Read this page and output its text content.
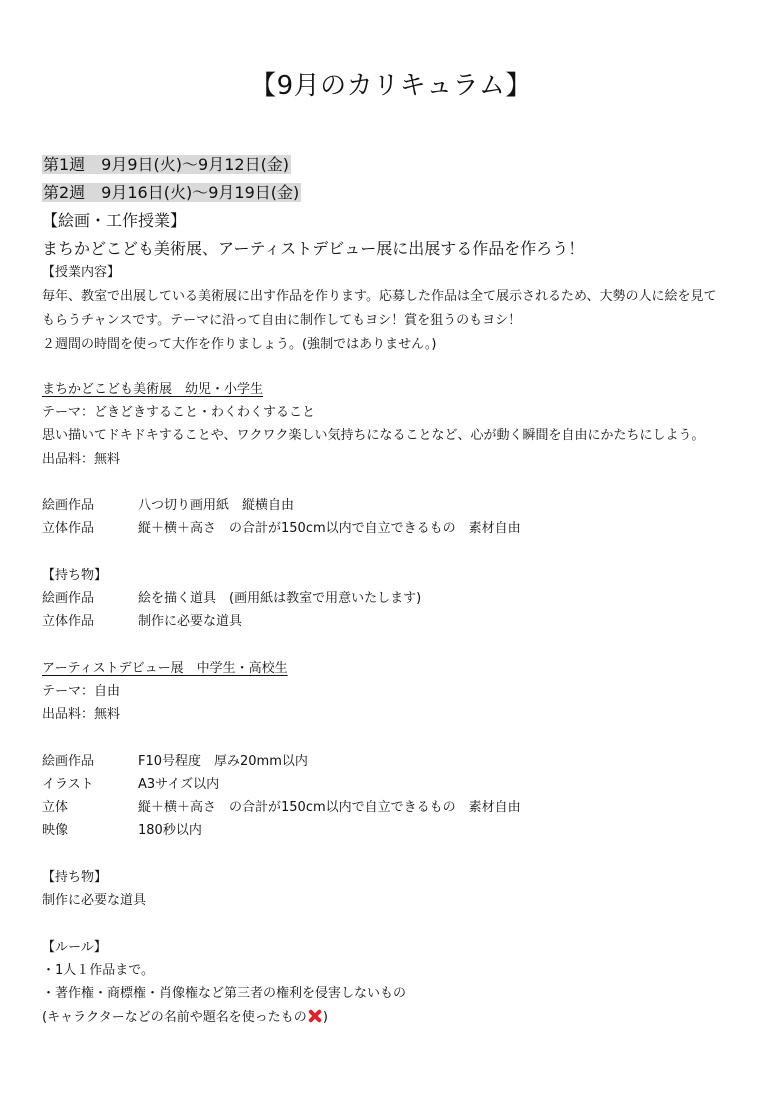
【9月のカリキュラム】
第1週　9月9日(火)〜9月12日(金)
第2週　9月16日(火)〜9月19日(金)
【絵画・工作授業】
まちかどこども美術展、アーティストデビュー展に出展する作品を作ろう！
【授業内容】
毎年、教室で出展している美術展に出す作品を作ります。応募した作品は全て展示されるため、大勢の人に絵を見て
もらうチャンスです。テーマに沿って自由に制作してもヨシ！賞を狙うのもヨシ！
２週間の時間を使って大作を作りましょう。(強制ではありません。)
まちかどこども美術展　幼児・小学生
テーマ：どきどきすること・わくわくすること
思い描いてドキドキすることや、ワクワク楽しい気持ちになることなど、心が動く瞬間を自由にかたちにしよう。
出品料：無料
絵画作品	八つ切り画用紙　縦横自由
立体作品	縦＋横＋高さ　の合計が150cm以内で自立できるもの　素材自由
【持ち物】
絵画作品	絵を描く道具　(画用紙は教室で用意いたします)
立体作品	制作に必要な道具
アーティストデビュー展　中学生・高校生
テーマ：自由
出品料：無料
絵画作品	F10号程度　厚み20mm以内
イラスト	A3サイズ以内
立体	縦＋横＋高さ　の合計が150cm以内で自立できるもの　素材自由
映像	180秒以内
【持ち物】
制作に必要な道具
【ルール】
・1人１作品まで。
・著作権・商標権・肖像権など第三者の権利を侵害しないもの
(キャラクターなどの名前や題名を使ったもの )
